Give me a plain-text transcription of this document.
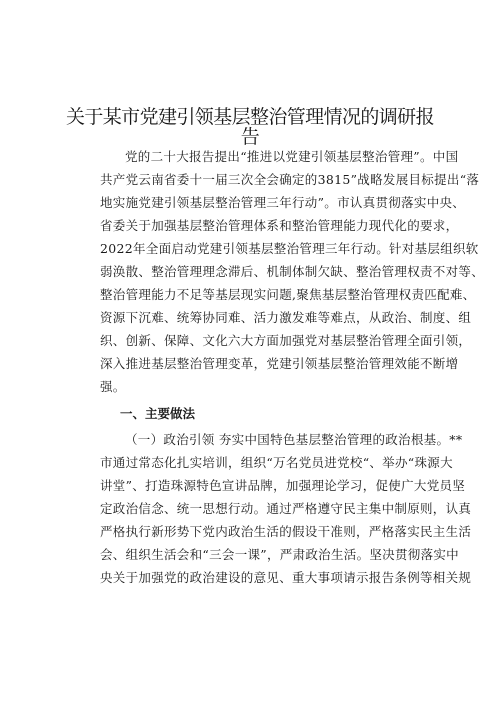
关于某市党建引领基层整治管理情况的调研报
告
党的二十大报告提出“推进以党建引领基层整治管理”。中国
共产党云南省委十一届三次全会确定的3815”战略发展目标提出“落
地实施党建引领基层整治管理三年行动”。市认真贯彻落实中央、
省委关于加强基层整治管理体系和整治管理能力现代化的要求，
2022年全面启动党建引领基层整治管理三年行动。针对基层组织软
弱涣散、整治管理理念滞后、机制体制欠缺、整治管理权责不对等、
整治管理能力不足等基层现实问题,聚焦基层整治管理权责匹配难、
资源下沉难、统筹协同难、活力激发难等难点，从政治、制度、组
织、创新、保障、文化六大方面加强党对基层整治管理全面引领，
深入推进基层整治管理变革，党建引领基层整治管理效能不断增
强。
一、主要做法
（一）政治引领 夯实中国特色基层整治管理的政治根基。**
市通过常态化扎实培训，组织“万名党员进党校“、举办“珠源大
讲堂”、打造珠源特色宣讲品牌，加强理论学习，促使广大党员坚
定政治信念、统一思想行动。通过严格遵守民主集中制原则，认真
严格执行新形势下党内政治生活的假设干准则，严格落实民主生活
会、组织生活会和“三会一课”，严肃政治生活。坚决贯彻落实中
央关于加强党的政治建设的意见、重大事项请示报告条例等相关规
